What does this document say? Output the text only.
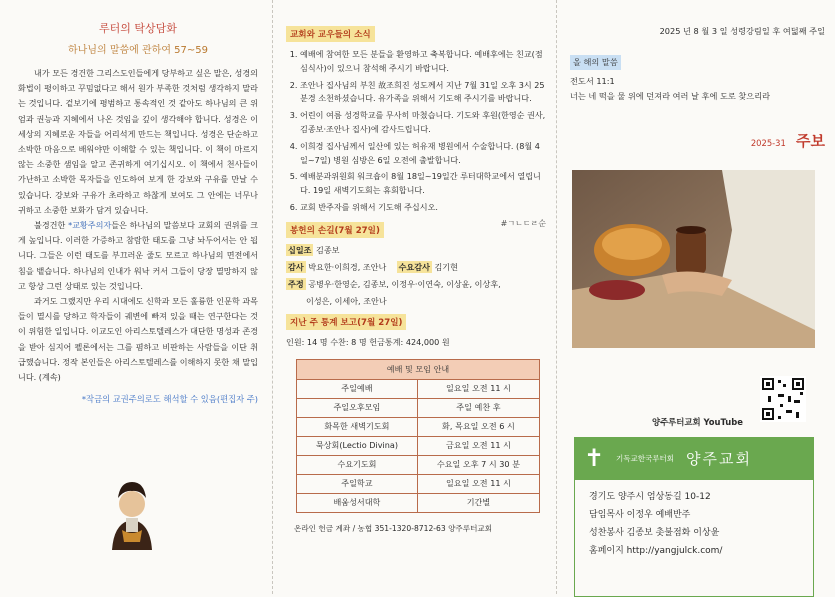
루터의 탁상담화
하나님의 말씀에 관하여 57~59

내가 모든 경건한 그리스도인들에게 당부하고 싶은 말은, 성경의 화법이 평이하고 꾸밈없다고 해서 원가 부족한 것처럼 생각하지 말라는 것입니다. 겉보기에 평범하고 통속적인 것 같아도 하나님의 큰 위엄과 권능과 지혜에서 나온 것임을 깊이 생각해야 합니다. 성경은 이 세상의 지혜로운 자들을 어리석게 만드는 책입니다. 성경은 단순하고 소박한 마음으로 배워야만 이해할 수 있는 책입니다. 이 책이 마르지 않는 소중한 샘임을 알고 존귀하게 여기십시오. 이 책에서 천사들이 가난하고 소박한 목자들을 인도하여 보게 한 강보와 구유를 만날 수 있습니다. 강보와 구유가 초라하고 하찮게 보여도 그 안에는 너무나 귀하고 소중한 보화가 담겨 있습니다.

불경건한 *교황주의자들은 하나님의 말씀보다 교회의 권위를 크게 높입니다. 이러한 가증하고 참람한 태도를 그냥 놔두어서는 안 됩니다. 그들은 이런 태도를 부끄러운 줄도 모르고 하나님의 면전에서 침을 뱉습니다. 하나님의 인내가 워낙 커서 그들이 당장 멸망하지 않고 항상 그런 상태로 있는 것입니다.

과거도 그랬지만 우리 시대에도 신학과 모든 훌륭한 인문학 과목들이 멸시를 당하고 학자들이 궤변에 빠져 있을 때는 연구한다는 것이 위험한 일입니다. 이교도인 아리스토텔레스가 대단한 명성과 존경을 받아 심지어 펠론에서는 그를 폄하고 비판하는 사람들을 이단 취급했습니다. 정작 본인들은 아리스토텔레스를 이해하지 못한 채 말입니다. (계속)

*작금의 교권주의로도 해석할 수 있음(편집자 주)
교회와 교우들의 소식
1. 예배에 참여한 모든 분들을 환영하고 축복합니다. 예배후에는 친교(점심식사)이 있으니 참석해 주시기 바랍니다.
2. 조안나 집사님의 부친 故조희진 성도께서 지난 7월 31일 오후 3시 25분경 소천하셨습니다. 유가족을 위해서 기도해 주시기를 바랍니다.
3. 어린이 여름 성경학교를 무사히 마쳤습니다. 기도와 후원(한영순 권사, 김종보·조안나 집사)에 감사드립니다.
4. 이희경 집사님께서 일산에 있는 허유재 병원에서 수술합니다. (8월 4일~7일) 병원 심방은 6일 오전에 출발합니다.
5. 예배분과위원회 워크숍이 8월 18일~19일간 루터대학교에서 열립니다. 19일 새벽기도회는 휴회합니다.
6. 교회 반주자를 위해서 기도해 주십시오.
봉헌의 손길(7월 27일)
#ㄱㄴㄷㄹ순
십일조 김종보
감사 박요한·이희경, 조안나 수요감사 김기현
주정 공병우·한영순, 김종보, 이정우·이연숙, 이상윤, 이상후,
이성은, 이세아, 조안나
지난 주 통계 보고(7월 27일)
인원: 14 명 수찬: 8 명 헌금통계: 424,000 원
예배 및 모임 안내	
주일예배	일요일 오전 11 시
주일오후모임	주일 예찬 후
화목한 새벽기도회	화, 목요일 오전 6 시
묵상회(Lectio Divina)	금요일 오전 11 시
수요기도회	수요일 오후 7 시 30 분
주일학교	일요일 오전 11 시
배움성서대학	기간별
온라인 헌금 계좌 / 농협 351-1320-8712-63 양주루터교회
2025 년 8 월 3 일 성령강림일 후 여덟째 주일
올 해의 말씀
전도서 11:1
너는 네 떡을 물 위에 던져라 여러 날 후에 도로 찾으리라
2025-31 주보
양주루터교회 YouTube
✝ 기독교한국루터회 양주교회
경기도 양주시 엄상동길 10-12
담임목사 이정우 예배반주
성찬봉사 김종보 촛불점화 이상윤
홈페이지 http://yangjulck.com/
